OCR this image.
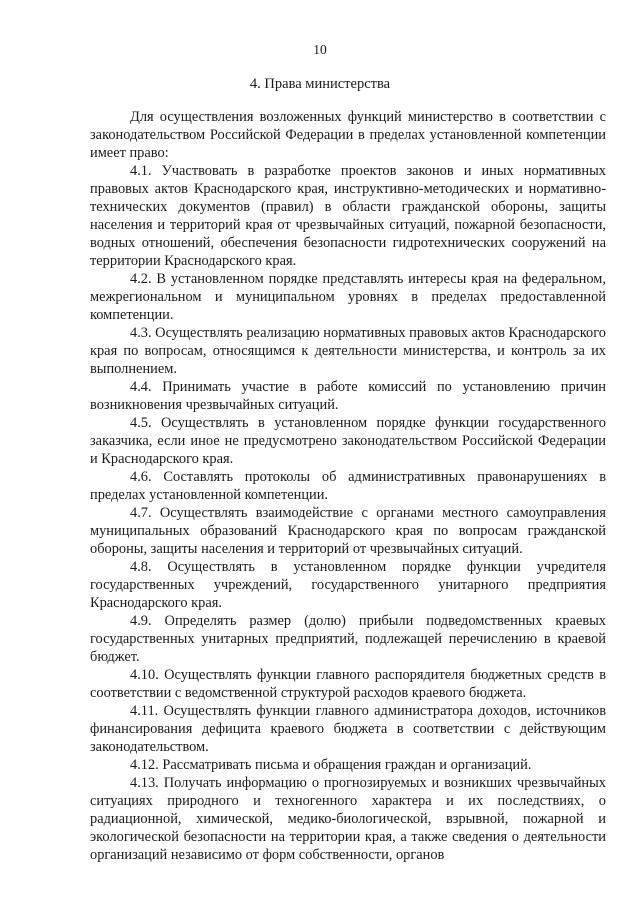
10
4. Права министерства

Для осуществления возложенных функций министерство в соответствии с законодательством Российской Федерации в пределах установленной компетенции имеет право:

4.1. Участвовать в разработке проектов законов и иных нормативных правовых актов Краснодарского края, инструктивно-методических и нормативно-технических документов (правил) в области гражданской обороны, защиты населения и территорий края от чрезвычайных ситуаций, пожарной безопасности, водных отношений, обеспечения безопасности гидротехнических сооружений на территории Краснодарского края.

4.2. В установленном порядке представлять интересы края на федеральном, межрегиональном и муниципальном уровнях в пределах предоставленной компетенции.

4.3. Осуществлять реализацию нормативных правовых актов Краснодарского края по вопросам, относящимся к деятельности министерства, и контроль за их выполнением.

4.4. Принимать участие в работе комиссий по установлению причин возникновения чрезвычайных ситуаций.

4.5. Осуществлять в установленном порядке функции государственного заказчика, если иное не предусмотрено законодательством Российской Федерации и Краснодарского края.

4.6. Составлять протоколы об административных правонарушениях в пределах установленной компетенции.

4.7. Осуществлять взаимодействие с органами местного самоуправления муниципальных образований Краснодарского края по вопросам гражданской обороны, защиты населения и территорий от чрезвычайных ситуаций.

4.8. Осуществлять в установленном порядке функции учредителя государственных учреждений, государственного унитарного предприятия Краснодарского края.

4.9. Определять размер (долю) прибыли подведомственных краевых государственных унитарных предприятий, подлежащей перечислению в краевой бюджет.

4.10. Осуществлять функции главного распорядителя бюджетных средств в соответствии с ведомственной структурой расходов краевого бюджета.

4.11. Осуществлять функции главного администратора доходов, источников финансирования дефицита краевого бюджета в соответствии с действующим законодательством.

4.12. Рассматривать письма и обращения граждан и организаций.

4.13. Получать информацию о прогнозируемых и возникших чрезвычайных ситуациях природного и техногенного характера и их последствиях, о радиационной, химической, медико-биологической, взрывной, пожарной и экологической безопасности на территории края, а также сведения о деятельности организаций независимо от форм собственности, органов
